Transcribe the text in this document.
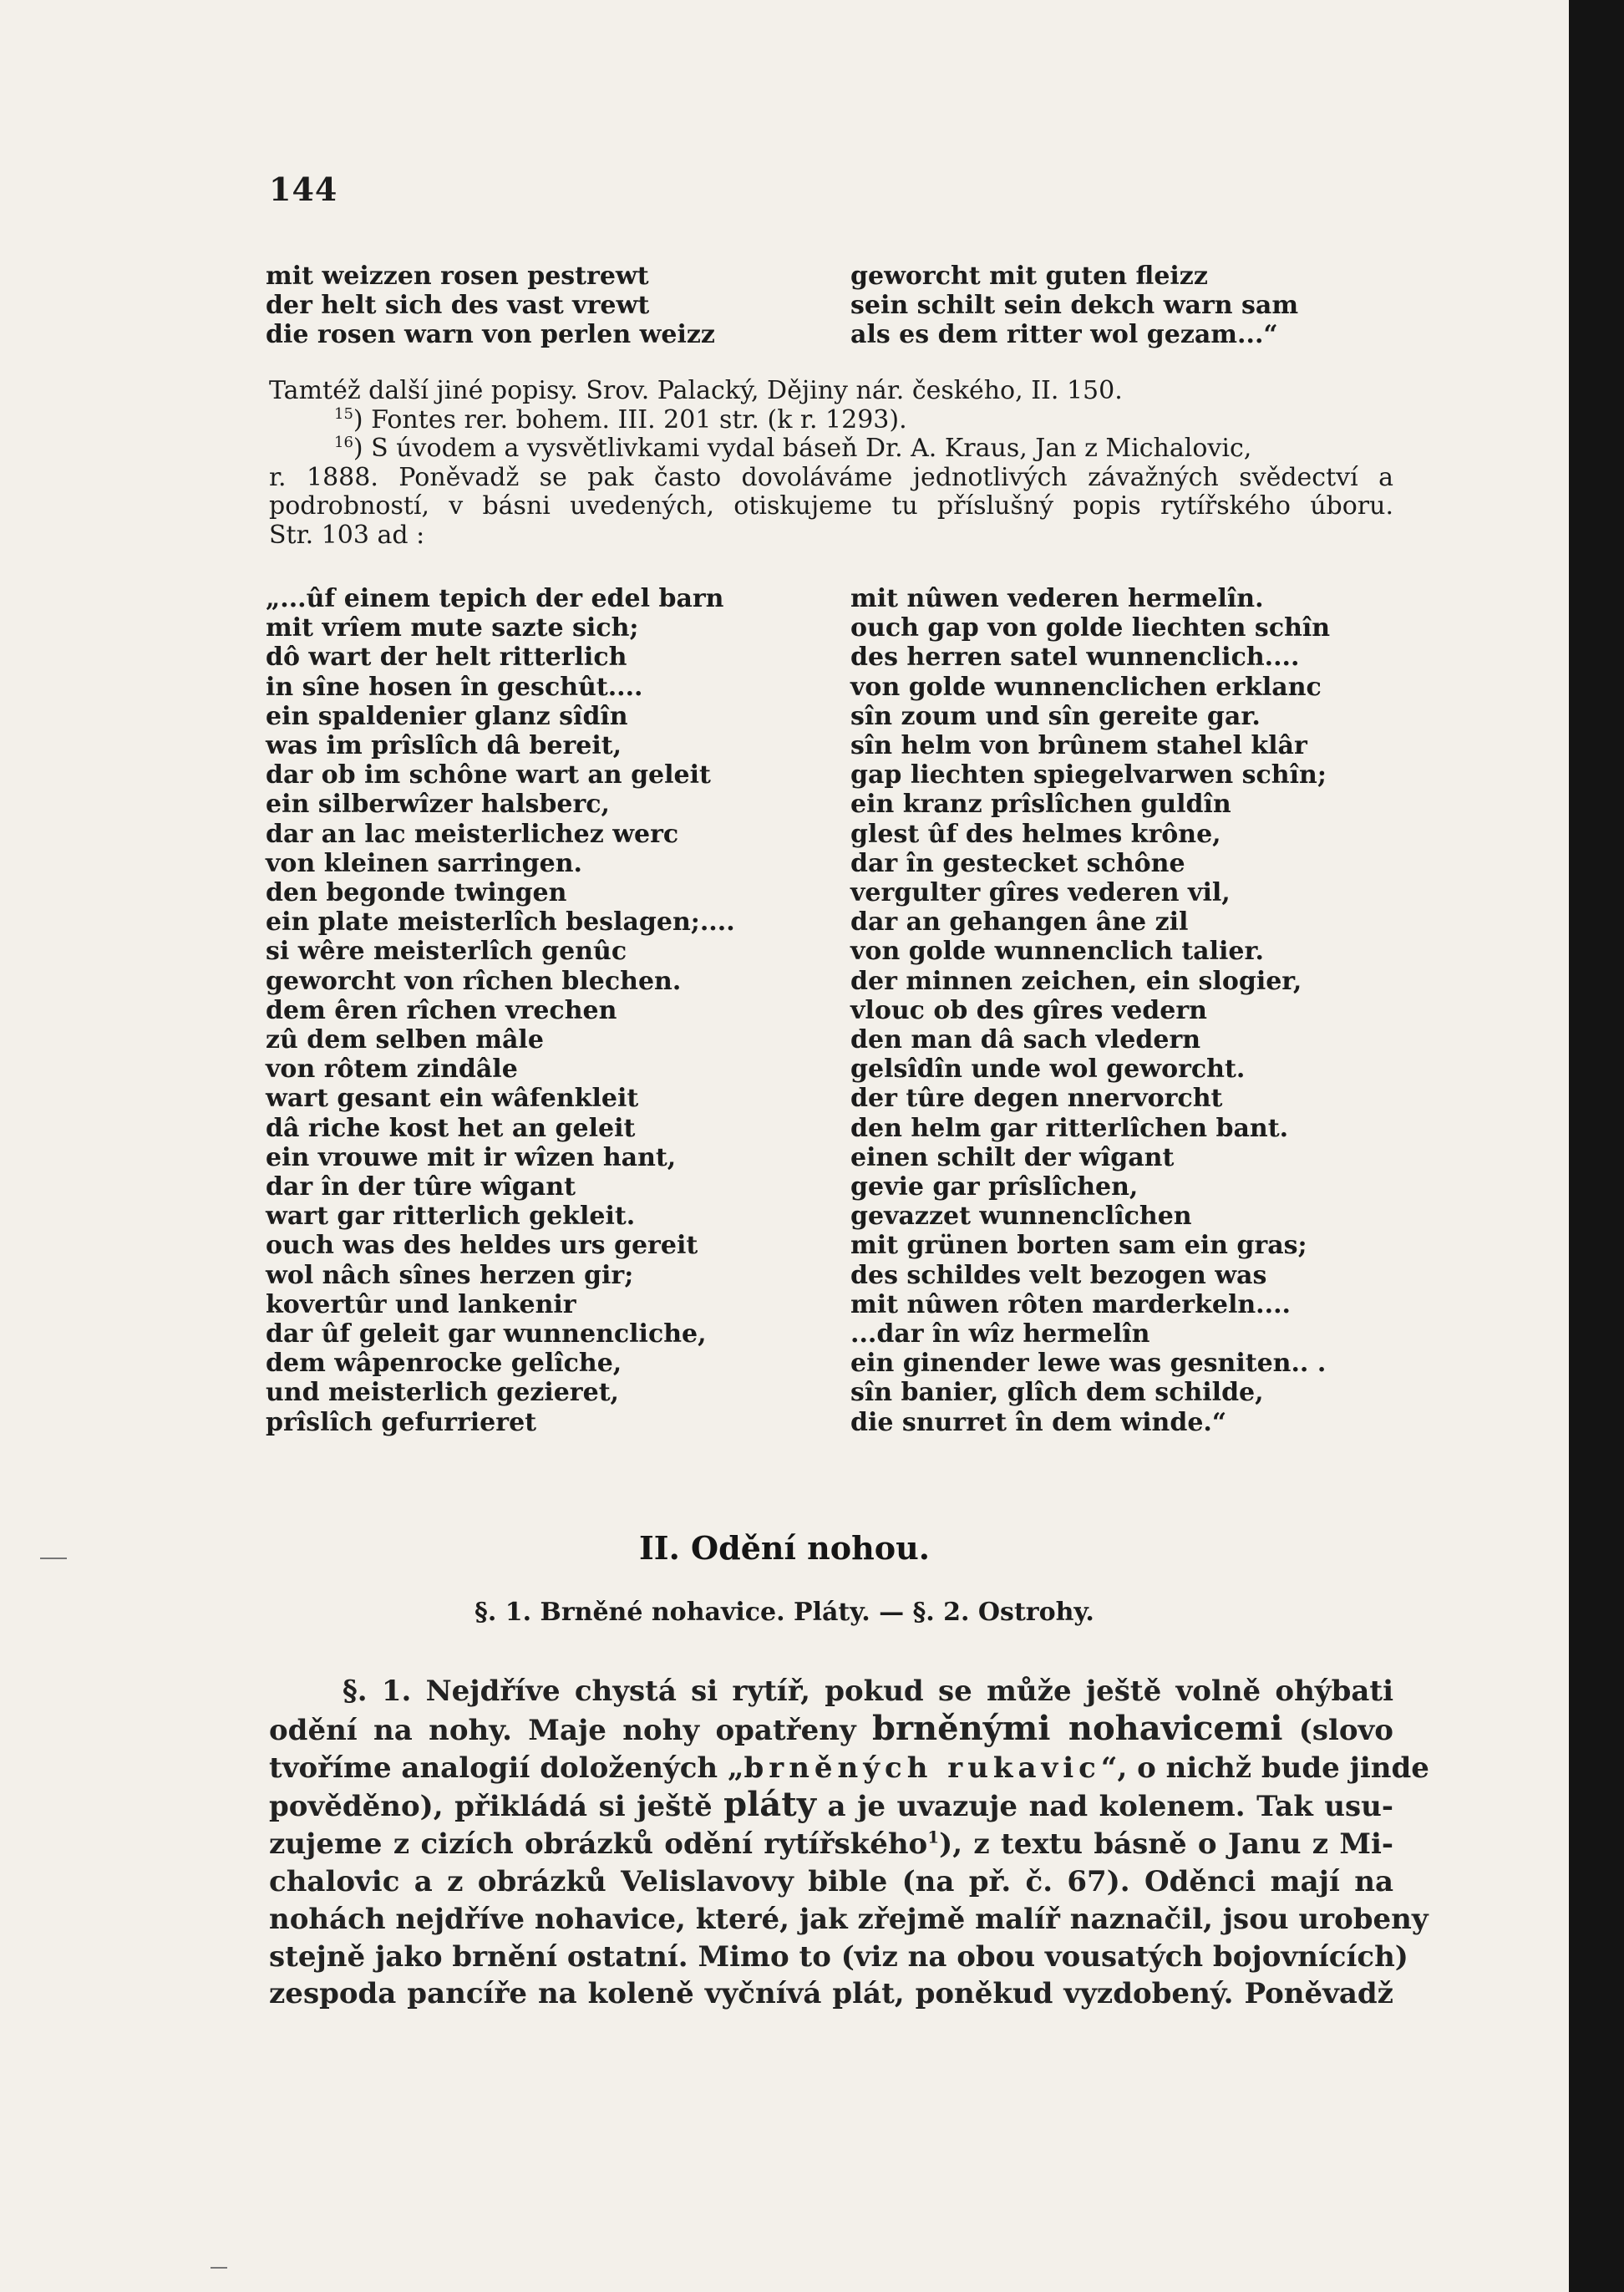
144
mit weizzen rosen pestrewt
der helt sich des vast vrewt
die rosen warn von perlen weizz
geworcht mit guten fleizz
sein schilt sein dekch warn sam
als es dem ritter wol gezam...“
Tamtéž další jiné popisy. Srov. Palacký, Dějiny nár. českého, II. 150.
$^{15}$) Fontes rer. bohem. III. 201 str. (k r. 1293).
$^{16}$) S úvodem a vysvětlivkami vydal báseň Dr. A. Kraus, Jan z Michalovic,
r. 1888. Poněvadž se pak často dovoláváme jednotlivých závažných svědectví a
podrobností, v básni uvedených, otiskujeme tu příslušný popis rytířského úboru.
Str. 103 ad :
„...ûf einem tepich der edel barn
mit vrîem mute sazte sich;
dô wart der helt ritterlich
in sîne hosen în geschût....
ein spaldenier glanz sîdîn
was im prîslîch dâ bereit,
dar ob im schône wart an geleit
ein silberwîzer halsberc,
dar an lac meisterlichez werc
von kleinen sarringen.
den begonde twingen
ein plate meisterlîch beslagen;....
si wêre meisterlîch genûc
geworcht von rîchen blechen.
dem êren rîchen vrechen
zû dem selben mâle
von rôtem zindâle
wart gesant ein wâfenkleit
dâ riche kost het an geleit
ein vrouwe mit ir wîzen hant,
dar în der tûre wîgant
wart gar ritterlich gekleit.
ouch was des heldes urs gereit
wol nâch sînes herzen gir;
kovertûr und lankenir
dar ûf geleit gar wunnencliche,
dem wâpenrocke gelîche,
und meisterlich gezieret,
prîslîch gefurrieret
mit nûwen vederen hermelîn.
ouch gap von golde liechten schîn
des herren satel wunnenclich....
von golde wunnenclichen erklanc
sîn zoum und sîn gereite gar.
sîn helm von brûnem stahel klâr
gap liechten spiegelvarwen schîn;
ein kranz prîslîchen guldîn
glest ûf des helmes krône,
dar în gestecket schône
vergulter gîres vederen vil,
dar an gehangen âne zil
von golde wunnenclich talier.
der minnen zeichen, ein slogier,
vlouc ob des gîres vedern
den man dâ sach vledern
gelsîdîn unde wol geworcht.
der tûre degen nnervorcht
den helm gar ritterlîchen bant.
einen schilt der wîgant
gevie gar prîslîchen,
gevazzet wunnenclîchen
mit grünen borten sam ein gras;
des schildes velt bezogen was
mit nûwen rôten marderkeln....
...dar în wîz hermelîn
ein ginender lewe was gesniten.. .
sîn banier, glîch dem schilde,
die snurret în dem winde.“
II. Odění nohou.
§. 1. Brněné nohavice. Pláty. — §. 2. Ostrohy.
§. 1. Nejdříve chystá si rytíř, pokud se může ještě volně ohýbati
odění na nohy. Maje nohy opatřeny brněnými nohavicemi (slovo
tvoříme analogií doložených „brněných rukavic“, o nichž bude jinde
pověděno), přikládá si ještě pláty a je uvazuje nad kolenem. Tak usu-
zujeme z cizích obrázků odění rytířského$^1$), z textu básně o Janu z Mi-
chalovic a z obrázků Velislavovy bible (na př. č. 67). Oděnci mají na
nohách nejdříve nohavice, které, jak zřejmě malíř naznačil, jsou urobeny
stejně jako brnění ostatní. Mimo to (viz na obou vousatých bojovnících)
zespoda pancíře na koleně vyčnívá plát, poněkud vyzdobený. Poněvadž
